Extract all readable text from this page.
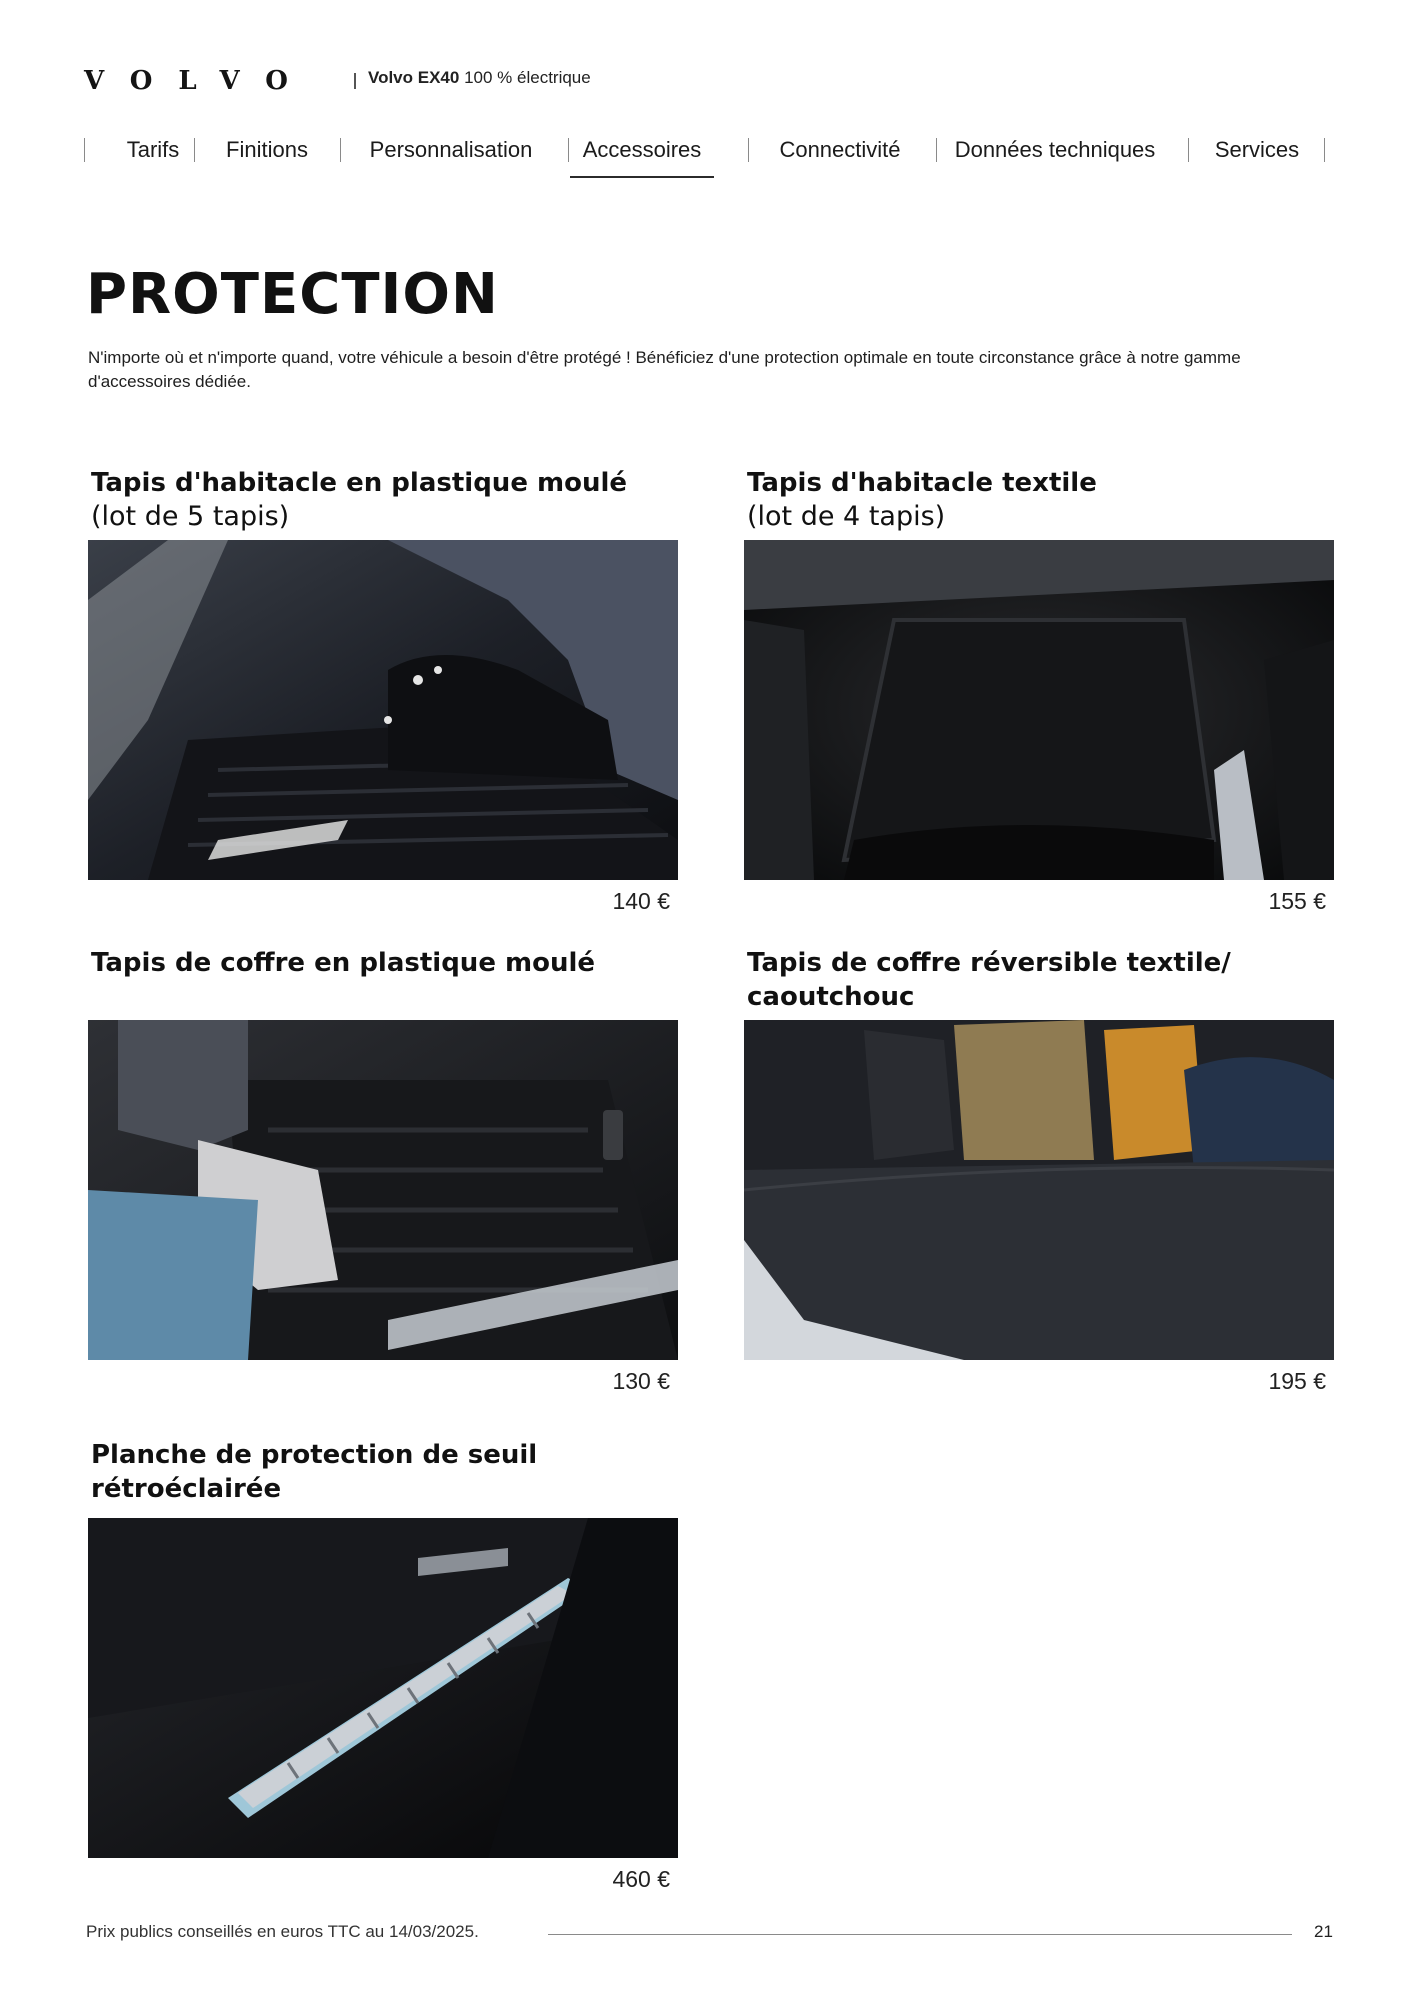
VOLVO	Volvo EX40 100 % électrique
Tarifs	Finitions	Personnalisation	Accessoires	Connectivité	Données techniques	Services
PROTECTION

N'importe où et n'importe quand, votre véhicule a besoin d'être protégé ! Bénéficiez d'une protection optimale en toute circonstance grâce à notre gamme d'accessoires dédiée.

Tapis d'habitacle en plastique moulé
(lot de 5 tapis)
140 €
Tapis d'habitacle textile
(lot de 4 tapis)
155 €
Tapis de coffre en plastique moulé
130 €
Tapis de coffre réversible textile/
caoutchouc
195 €
Planche de protection de seuil
rétroéclairée
460 €
Prix publics conseillés en euros TTC au 14/03/2025.	21
